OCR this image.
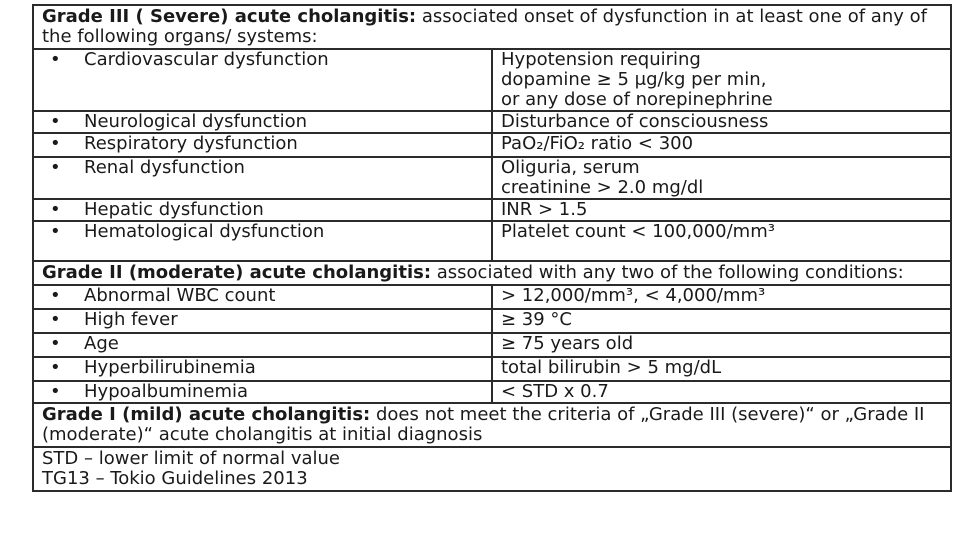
Grade III ( Severe) acute cholangitis: associated onset of dysfunction in at least one of any of the following organs/ systems:	

• Cardiovascular dysfunction	Hypotension requiring
dopamine ≥ 5 μg/kg per min,
or any dose of norepinephrine

• Neurological dysfunction	Disturbance of consciousness

• Respiratory dysfunction	PaO₂/FiO₂ ratio < 300

• Renal dysfunction	Oliguria, serum
creatinine > 2.0 mg/dl

• Hepatic dysfunction	INR > 1.5

• Hematological dysfunction	Platelet count < 100,000/mm³

Grade II (moderate) acute cholangitis: associated with any two of the following conditions:	

• Abnormal WBC count	> 12,000/mm³, < 4,000/mm³

• High fever	≥ 39 °C

• Age	≥ 75 years old

• Hyperbilirubinemia	total bilirubin > 5 mg/dL

• Hypoalbuminemia	< STD x 0.7

Grade I (mild) acute cholangitis: does not meet the criteria of „Grade III (severe)“ or „Grade II (moderate)“ acute cholangitis at initial diagnosis	

STD – lower limit of normal value
TG13 – Tokio Guidelines 2013	
